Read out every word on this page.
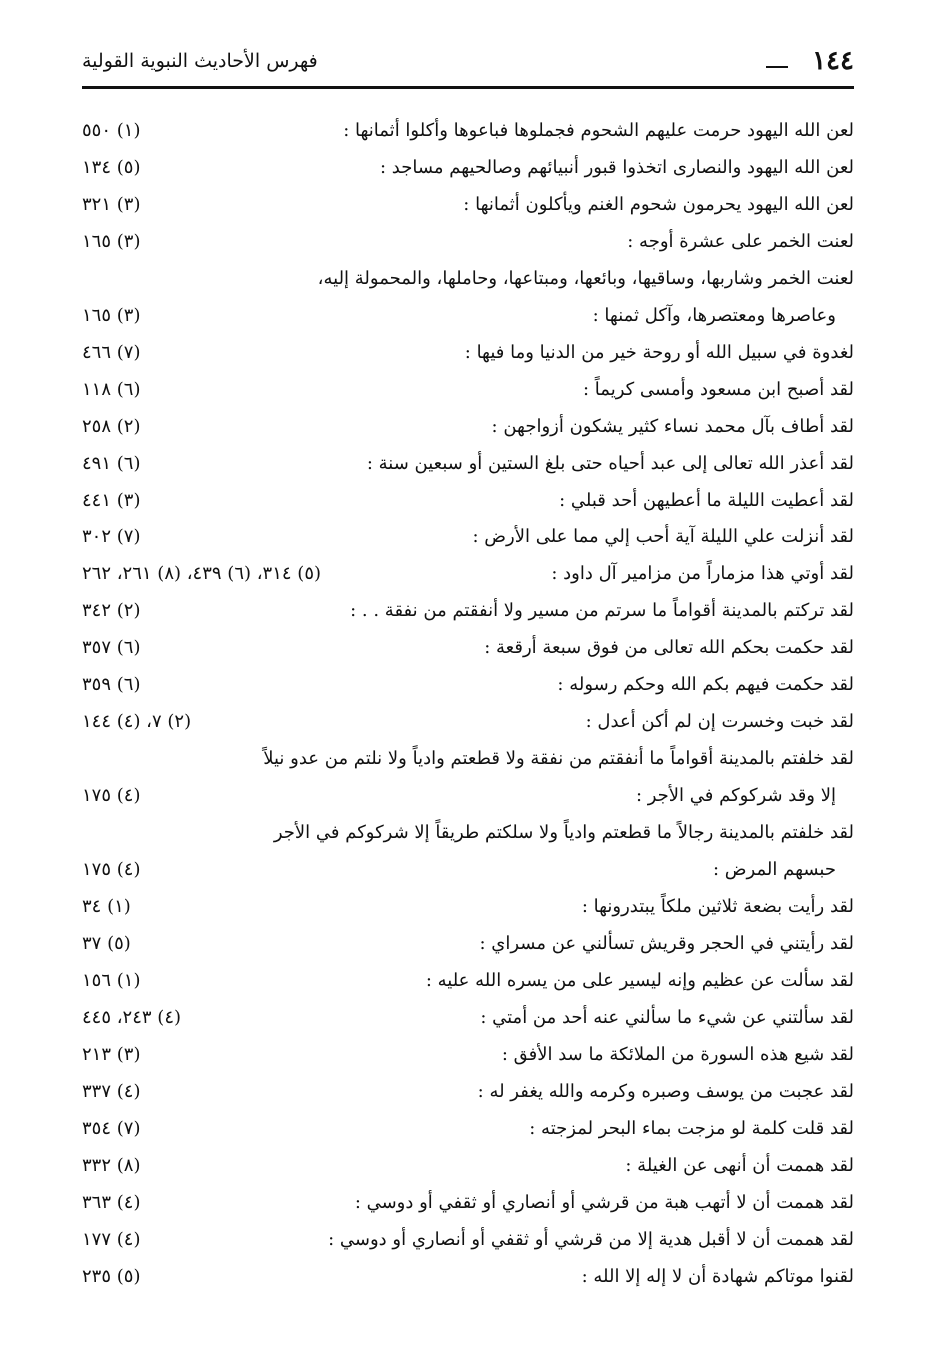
١٤٤
فهرس الأحاديث النبوية القولية
لعن الله اليهود حرمت عليهم الشحوم فجملوها فباعوها وأكلوا أثمانها :
(١) ٥٥٠
لعن الله اليهود والنصارى اتخذوا قبور أنبيائهم وصالحيهم مساجد :
(٥) ١٣٤
لعن الله اليهود يحرمون شحوم الغنم ويأكلون أثمانها :
(٣) ٣٢١
لعنت الخمر على عشرة أوجه :
(٣) ١٦٥
لعنت الخمر وشاربها، وساقيها، وبائعها، ومبتاعها، وحاملها، والمحمولة إليه،
وعاصرها ومعتصرها، وآكل ثمنها :
(٣) ١٦٥
لغدوة في سبيل الله أو روحة خير من الدنيا وما فيها :
(٧) ٤٦٦
لقد أصبح ابن مسعود وأمسى كريماً :
(٦) ١١٨
لقد أطاف بآل محمد نساء كثير يشكون أزواجهن :
(٢) ٢٥٨
لقد أعذر الله تعالى إلى عبد أحياه حتى بلغ الستين أو سبعين سنة :
(٦) ٤٩١
لقد أعطيت الليلة ما أعطيهن أحد قبلي :
(٣) ٤٤١
لقد أنزلت علي الليلة آية أحب إلي مما على الأرض :
(٧) ٣٠٢
لقد أوتي هذا مزماراً من مزامير آل داود :
(٥) ٣١٤، (٦) ٤٣٩، (٨) ٢٦١، ٢٦٢
لقد تركتم بالمدينة أقواماً ما سرتم من مسير ولا أنفقتم من نفقة . . :
(٢) ٣٤٢
لقد حكمت بحكم الله تعالى من فوق سبعة أرقعة :
(٦) ٣٥٧
لقد حكمت فيهم بكم الله وحكم رسوله :
(٦) ٣٥٩
لقد خبت وخسرت إن لم أكن أعدل :
(٢) ٧، (٤) ١٤٤
لقد خلفتم بالمدينة أقواماً ما أنفقتم من نفقة ولا قطعتم وادياً ولا نلتم من عدو نيلاً
إلا وقد شركوكم في الأجر :
(٤) ١٧٥
لقد خلفتم بالمدينة رجالاً ما قطعتم وادياً ولا سلكتم طريقاً إلا شركوكم في الأجر
حبسهم المرض :
(٤) ١٧٥
لقد رأيت بضعة ثلاثين ملكاً يبتدرونها :
(١) ٣٤
لقد رأيتني في الحجر وقريش تسألني عن مسراي :
(٥) ٣٧
لقد سألت عن عظيم وإنه ليسير على من يسره الله عليه :
(١) ١٥٦
لقد سألتني عن شيء ما سألني عنه أحد من أمتي :
(٤) ٢٤٣، ٤٤٥
لقد شيع هذه السورة من الملائكة ما سد الأفق :
(٣) ٢١٣
لقد عجبت من يوسف وصبره وكرمه والله يغفر له :
(٤) ٣٣٧
لقد قلت كلمة لو مزجت بماء البحر لمزجته :
(٧) ٣٥٤
لقد هممت أن أنهى عن الغيلة :
(٨) ٣٣٢
لقد هممت أن لا أتهب هبة من قرشي أو أنصاري أو ثقفي أو دوسي :
(٤) ٣٦٣
لقد هممت أن لا أقبل هدية إلا من قرشي أو ثقفي أو أنصاري أو دوسي :
(٤) ١٧٧
لقنوا موتاكم شهادة أن لا إله إلا الله :
(٥) ٢٣٥
